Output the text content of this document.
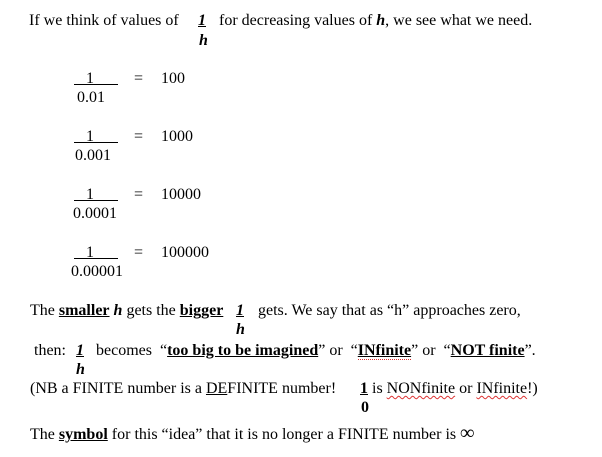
If we think of values of 1
h
for decreasing values of h, we see what we need.
1
0.01
= 100
1
0.001
= 1000
1
0.0001
= 10000
1
0.00001
= 100000
The smaller h gets the bigger 1
h
gets. We say that as “h” approaches zero,
then: 1
h
becomes “too big to be imagined” or “INfinite” or “NOT finite”.
(NB a FINITE number is a DEFINITE number! 1
0
is NONfinite or INfinite!)
The symbol for this “idea” that it is no longer a FINITE number is ∞
